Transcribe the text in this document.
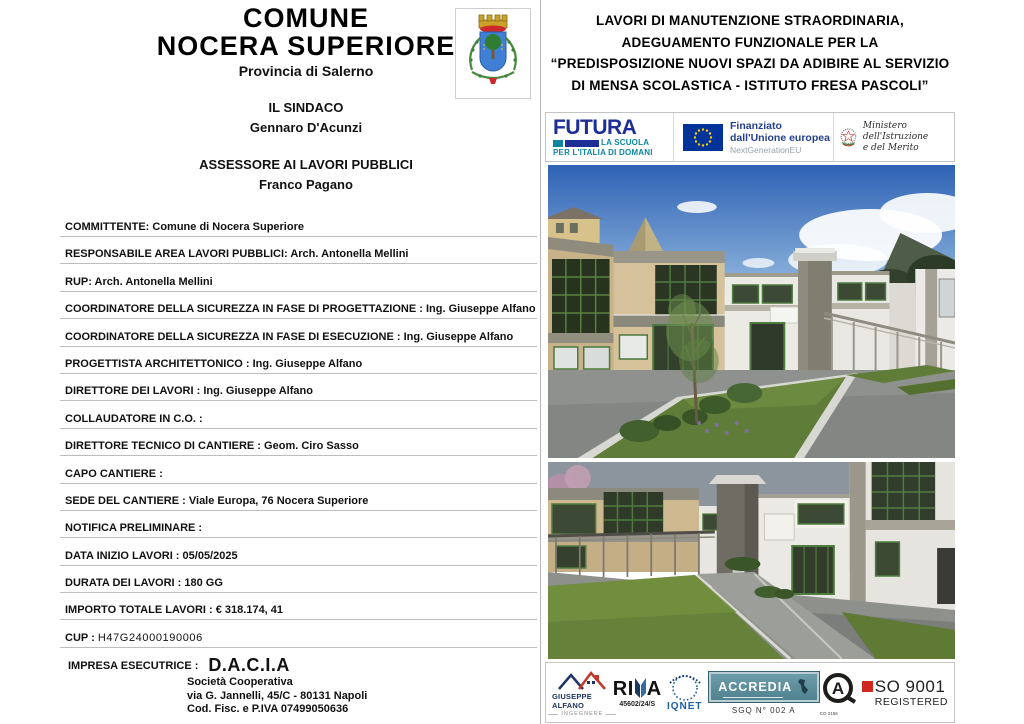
COMUNE
NOCERA SUPERIORE
Provincia di Salerno
IL SINDACO
Gennaro D'Acunzi
ASSESSORE AI LAVORI PUBBLICI
Franco Pagano
COMMITTENTE: Comune di Nocera Superiore
RESPONSABILE AREA LAVORI PUBBLICI: Arch. Antonella Mellini
RUP: Arch. Antonella Mellini
COORDINATORE DELLA SICUREZZA IN FASE DI PROGETTAZIONE : Ing. Giuseppe Alfano
COORDINATORE DELLA SICUREZZA IN FASE DI ESECUZIONE : Ing. Giuseppe Alfano
PROGETTISTA ARCHITETTONICO : Ing. Giuseppe Alfano
DIRETTORE DEI LAVORI : Ing. Giuseppe Alfano
COLLAUDATORE IN C.O. :
DIRETTORE TECNICO DI CANTIERE : Geom. Ciro Sasso
CAPO CANTIERE :
SEDE DEL CANTIERE : Viale Europa, 76 Nocera Superiore
NOTIFICA PRELIMINARE :
DATA INIZIO LAVORI : 05/05/2025
DURATA DEI LAVORI : 180 GG
IMPORTO TOTALE LAVORI : € 318.174, 41
CUP : H47G24000190006
IMPRESA ESECUTRICE : D.A.C.I.A
Società Cooperativa
via G. Jannelli, 45/C - 80131 Napoli
Cod. Fisc. e P.IVA 07499050636
LAVORI DI MANUTENZIONE STRAORDINARIA,
ADEGUAMENTO FUNZIONALE PER LA
“PREDISPOSIZIONE NUOVI SPAZI DA ADIBIRE AL SERVIZIO
DI MENSA SCOLASTICA - ISTITUTO FRESA PASCOLI”
FUTURA
LA SCUOLA
PER L'ITALIA DI DOMANI
Finanziato
dall'Unione europea
NextGenerationEU
Ministero dell'Istruzione
e del Merito
GIUSEPPE ALFANO
INGEGNERE
RI A
45602/24/S IQNET
ACCREDIA
SGQ N° 002 A
A
CO 2156
SO 9001
REGISTERED
